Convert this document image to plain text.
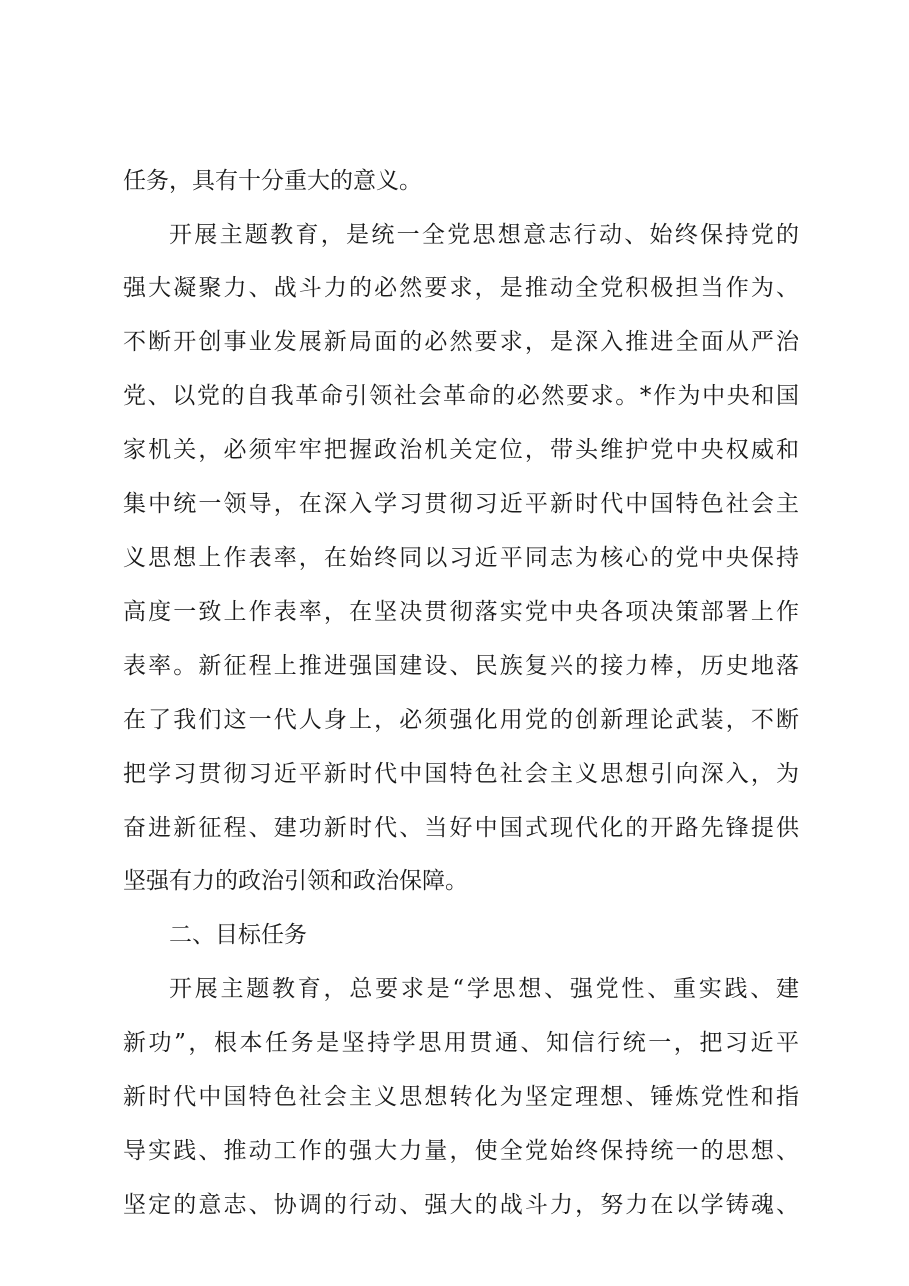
任务，具有十分重大的意义。
开展主题教育，是统一全党思想意志行动、始终保持党的
强大凝聚力、战斗力的必然要求，是推动全党积极担当作为、
不断开创事业发展新局面的必然要求，是深入推进全面从严治
党、以党的自我革命引领社会革命的必然要求。*作为中央和国
家机关，必须牢牢把握政治机关定位，带头维护党中央权威和
集中统一领导，在深入学习贯彻习近平新时代中国特色社会主
义思想上作表率，在始终同以习近平同志为核心的党中央保持
高度一致上作表率，在坚决贯彻落实党中央各项决策部署上作
表率。新征程上推进强国建设、民族复兴的接力棒，历史地落
在了我们这一代人身上，必须强化用党的创新理论武装，不断
把学习贯彻习近平新时代中国特色社会主义思想引向深入，为
奋进新征程、建功新时代、当好中国式现代化的开路先锋提供
坚强有力的政治引领和政治保障。
二、目标任务
开展主题教育，总要求是“学思想、强党性、重实践、建
新功”，根本任务是坚持学思用贯通、知信行统一，把习近平
新时代中国特色社会主义思想转化为坚定理想、锤炼党性和指
导实践、推动工作的强大力量，使全党始终保持统一的思想、
坚定的意志、协调的行动、强大的战斗力，努力在以学铸魂、
